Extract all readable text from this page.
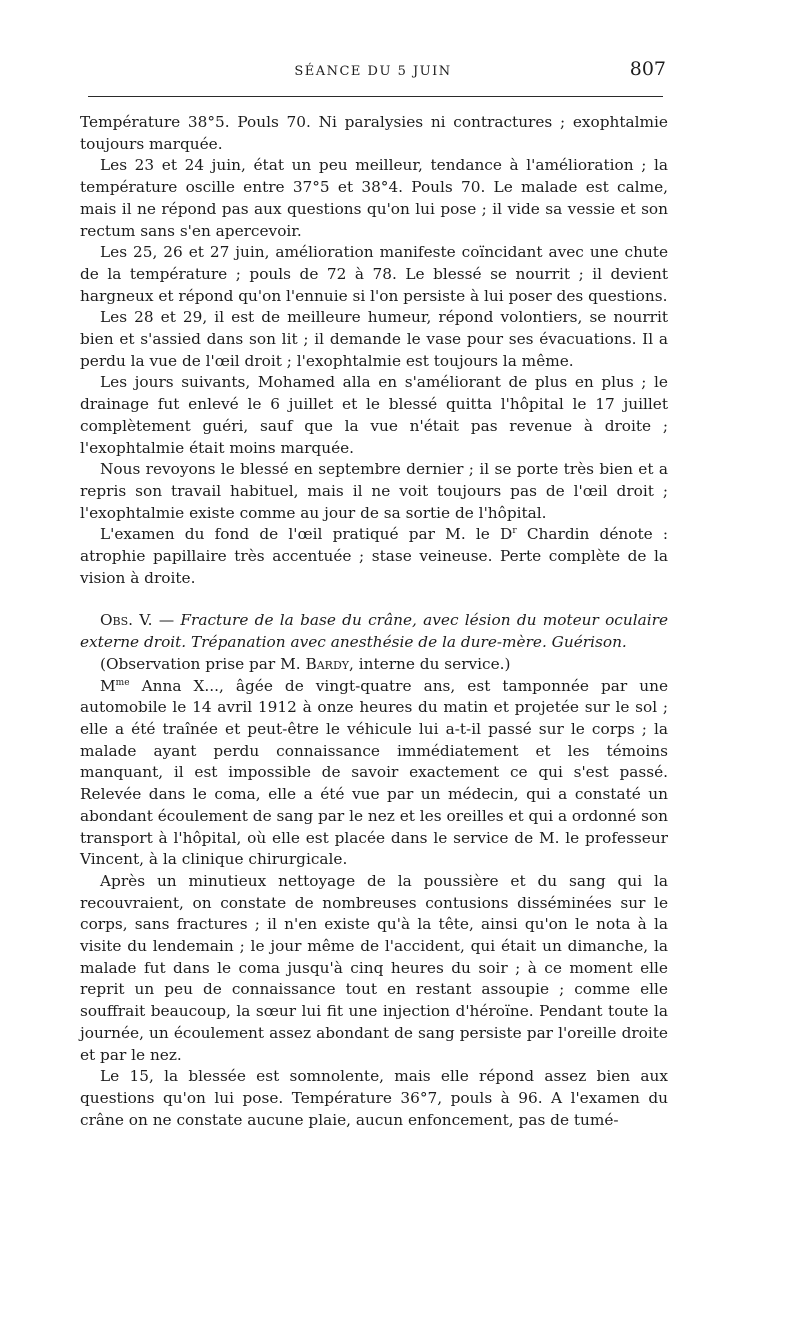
SÉANCE DU 5 JUIN	807

Température 38°5. Pouls 70. Ni paralysies ni contractures ; exophtalmie toujours marquée.

Les 23 et 24 juin, état un peu meilleur, tendance à l'amélioration ; la température oscille entre 37°5 et 38°4. Pouls 70. Le malade est calme, mais il ne répond pas aux questions qu'on lui pose ; il vide sa vessie et son rectum sans s'en apercevoir.

Les 25, 26 et 27 juin, amélioration manifeste coïncidant avec une chute de la température ; pouls de 72 à 78. Le blessé se nourrit ; il devient hargneux et répond qu'on l'ennuie si l'on persiste à lui poser des questions.

Les 28 et 29, il est de meilleure humeur, répond volontiers, se nourrit bien et s'assied dans son lit ; il demande le vase pour ses évacuations. Il a perdu la vue de l'œil droit ; l'exophtalmie est toujours la même.

Les jours suivants, Mohamed alla en s'améliorant de plus en plus ; le drainage fut enlevé le 6 juillet et le blessé quitta l'hôpital le 17 juillet complètement guéri, sauf que la vue n'était pas revenue à droite ; l'exophtalmie était moins marquée.

Nous revoyons le blessé en septembre dernier ; il se porte très bien et a repris son travail habituel, mais il ne voit toujours pas de l'œil droit ; l'exophtalmie existe comme au jour de sa sortie de l'hôpital.

L'examen du fond de l'œil pratiqué par M. le $D^r$ Chardin dénote : atrophie papillaire très accentuée ; stase veineuse. Perte complète de la vision à droite.

Obs. V. — Fracture de la base du crâne, avec lésion du moteur oculaire externe droit. Trépanation avec anesthésie de la dure-mère. Guérison.

(Observation prise par M. Bardy, interne du service.)

$M^{me}$ Anna X..., âgée de vingt-quatre ans, est tamponnée par une automobile le 14 avril 1912 à onze heures du matin et projetée sur le sol ; elle a été traînée et peut-être le véhicule lui a-t-il passé sur le corps ; la malade ayant perdu connaissance immédiatement et les témoins manquant, il est impossible de savoir exactement ce qui s'est passé. Relevée dans le coma, elle a été vue par un médecin, qui a constaté un abondant écoulement de sang par le nez et les oreilles et qui a ordonné son transport à l'hôpital, où elle est placée dans le service de M. le professeur Vincent, à la clinique chirurgicale.

Après un minutieux nettoyage de la poussière et du sang qui la recouvraient, on constate de nombreuses contusions disséminées sur le corps, sans fractures ; il n'en existe qu'à la tête, ainsi qu'on le nota à la visite du lendemain ; le jour même de l'accident, qui était un dimanche, la malade fut dans le coma jusqu'à cinq heures du soir ; à ce moment elle reprit un peu de connaissance tout en restant assoupie ; comme elle souffrait beaucoup, la sœur lui fit une injection d'héroïne. Pendant toute la journée, un écoulement assez abondant de sang persiste par l'oreille droite et par le nez.

Le 15, la blessée est somnolente, mais elle répond assez bien aux questions qu'on lui pose. Température 36°7, pouls à 96. A l'examen du crâne on ne constate aucune plaie, aucun enfoncement, pas de tumé-
